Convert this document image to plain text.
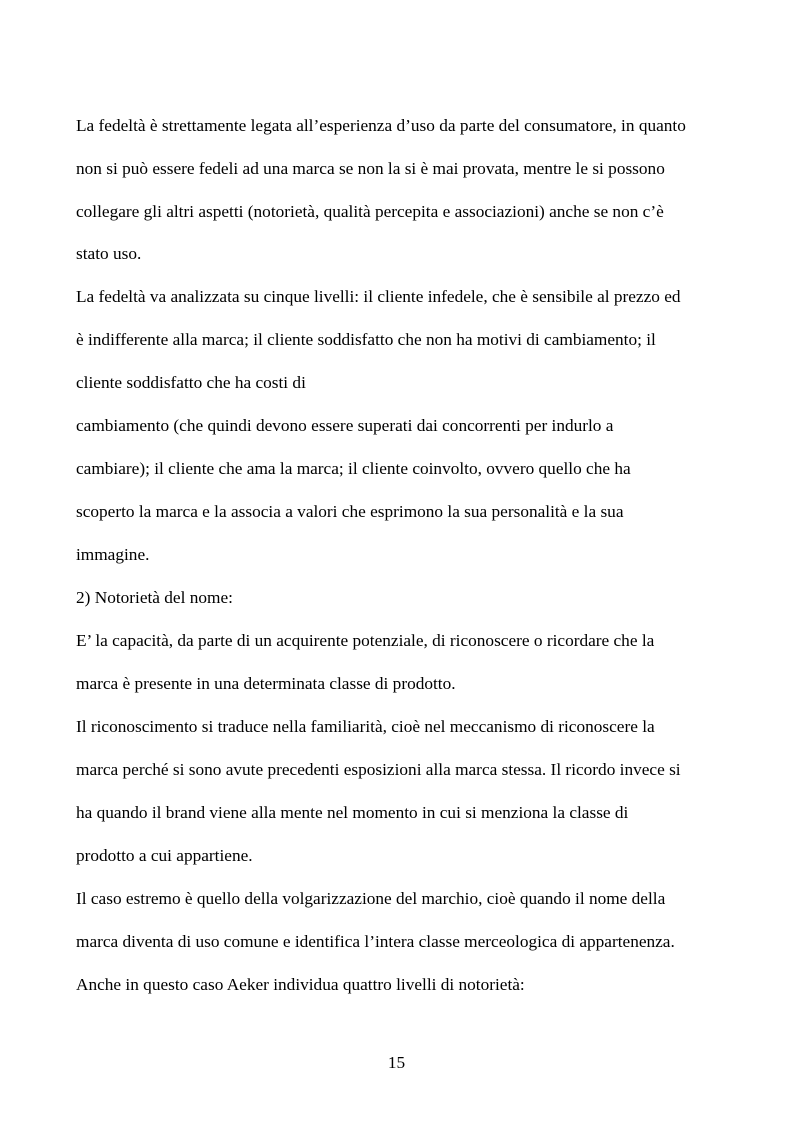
La fedeltà è strettamente legata all’esperienza d’uso da parte del consumatore, in quanto

non si può essere fedeli ad una marca se non la si è mai provata, mentre le si possono

collegare gli altri aspetti (notorietà, qualità percepita e associazioni) anche se non c’è

stato uso.

La fedeltà va analizzata su cinque livelli: il cliente infedele, che è sensibile al prezzo ed

è indifferente alla marca; il cliente soddisfatto che non ha motivi di cambiamento; il

cliente soddisfatto che ha costi di

cambiamento (che quindi devono essere superati dai concorrenti per indurlo a

cambiare); il cliente che ama la marca; il cliente coinvolto, ovvero quello che ha

scoperto la marca e la associa a valori che esprimono la sua personalità e la sua

immagine.

2) Notorietà del nome:

E’ la capacità, da parte di un acquirente potenziale, di riconoscere o ricordare che la

marca è presente in una determinata classe di prodotto.

Il riconoscimento si traduce nella familiarità, cioè nel meccanismo di riconoscere la

marca perché si sono avute precedenti esposizioni alla marca stessa. Il ricordo invece si

ha quando il brand viene alla mente nel momento in cui si menziona la classe di

prodotto a cui appartiene.

Il caso estremo è quello della volgarizzazione del marchio, cioè quando il nome della

marca diventa di uso comune e identifica l’intera classe merceologica di appartenenza.

Anche in questo caso Aeker individua quattro livelli di notorietà:

15
